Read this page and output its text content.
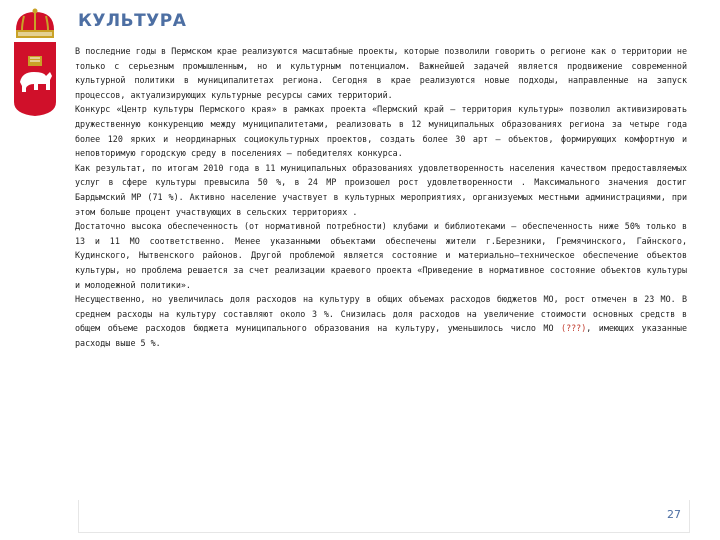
КУЛЬТУРА

В последние годы в Пермском крае реализуются масштабные проекты, которые позволили говорить о регионе как о территории не только с серьезным промышленным, но и культурным потенциалом. Важнейшей задачей является продвижение современной культурной политики в муниципалитетах региона. Сегодня в крае реализуются новые подходы, направленные на запуск процессов, актуализирующих культурные ресурсы самих территорий.

Конкурс «Центр культуры Пермского края» в рамках проекта «Пермский край – территория культуры» позволил активизировать дружественную конкуренцию между муниципалитетами, реализовать в 12 муниципальных образованиях региона за четыре года более 120 ярких и неординарных социокультурных проектов, создать более 30 арт – объектов, формирующих комфортную и неповторимую городскую среду в поселениях – победителях конкурса.

Как результат, по итогам 2010 года в 11 муниципальных образованиях удовлетворенность населения качеством предоставляемых услуг в сфере культуры превысила 50 %, в 24 МР произошел рост удовлетворенности . Максимального значения достиг Бардымский МР (71 %). Активно население участвует в культурных мероприятиях, организуемых местными администрациями, при этом больше процент участвующих в сельских территориях .

Достаточно высока обеспеченность (от нормативной потребности) клубами и библиотеками – обеспеченность ниже 50% только в 13 и 11 МО соответственно. Менее указанными объектами обеспечены жители г.Березники, Гремячинского, Гайнского, Кудинского, Нытвенского районов. Другой проблемой является состояние и материально–техническое обеспечение объектов культуры, но проблема решается за счет реализации краевого проекта «Приведение в нормативное состояние объектов культуры и молодежной политики».

Несущественно, но увеличилась доля расходов на культуру в общих объемах расходов бюджетов МО, рост отмечен в 23 МО. В среднем расходы на культуру составляют около 3 %. Снизилась доля расходов на увеличение стоимости основных средств в общем объеме расходов бюджета муниципального образования на культуру, уменьшилось число МО (???), имеющих указанные расходы выше 5 %.

27
